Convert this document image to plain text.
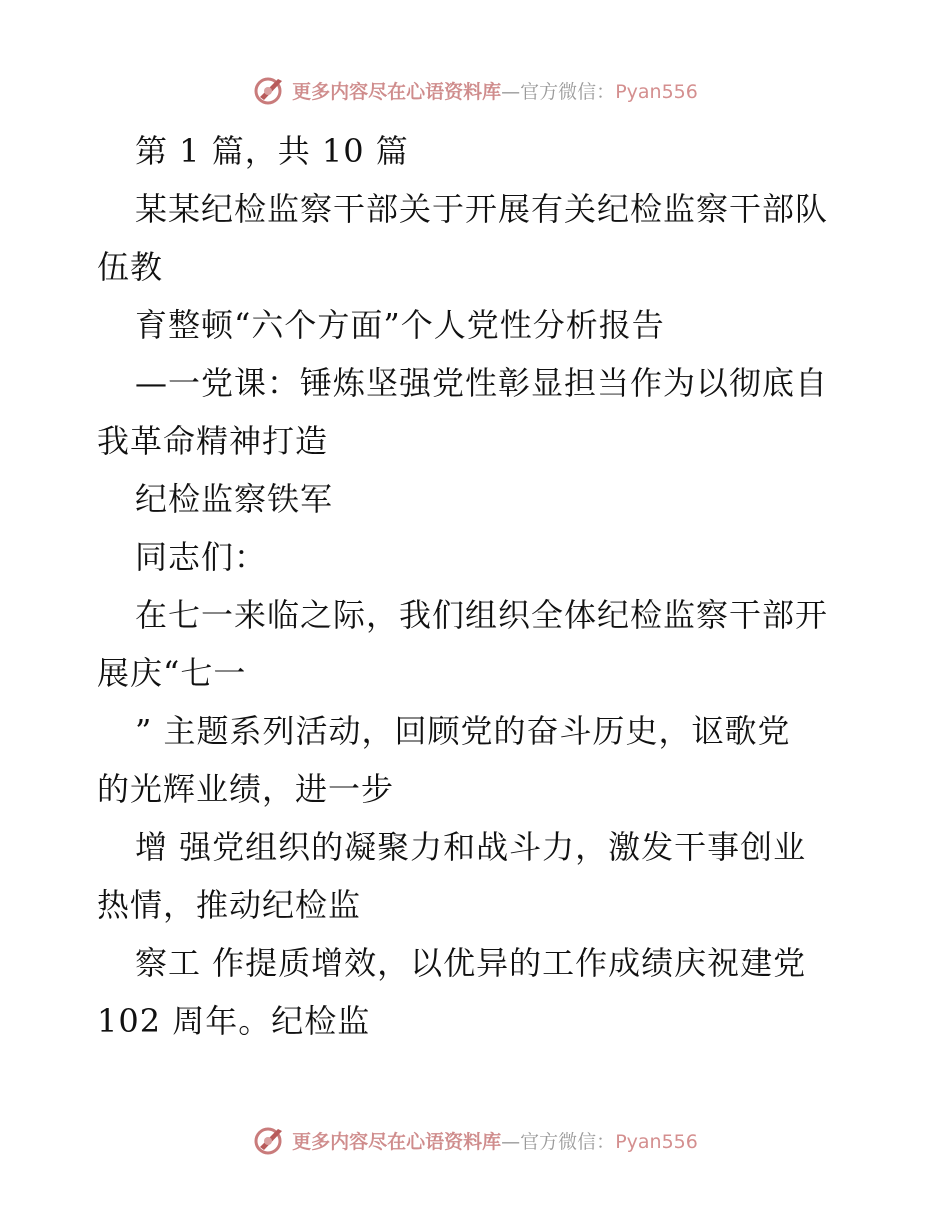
更多内容尽在心语资料库—官方微信：Pyan556
第 1 篇，共 10 篇
某某纪检监察干部关于开展有关纪检监察干部队
伍教
育整顿“六个方面”个人党性分析报告
—一党课：锤炼坚强党性彰显担当作为以彻底自
我革命精神打造
纪检监察铁军
同志们：
在七一来临之际，我们组织全体纪检监察干部开
展庆“七一
” 主题系列活动，回顾党的奋斗历史，讴歌党
的光辉业绩，进一步
增 强党组织的凝聚力和战斗力，激发干事创业
热情，推动纪检监
察工 作提质增效，以优异的工作成绩庆祝建党
102 周年。纪检监
更多内容尽在心语资料库—官方微信：Pyan556
